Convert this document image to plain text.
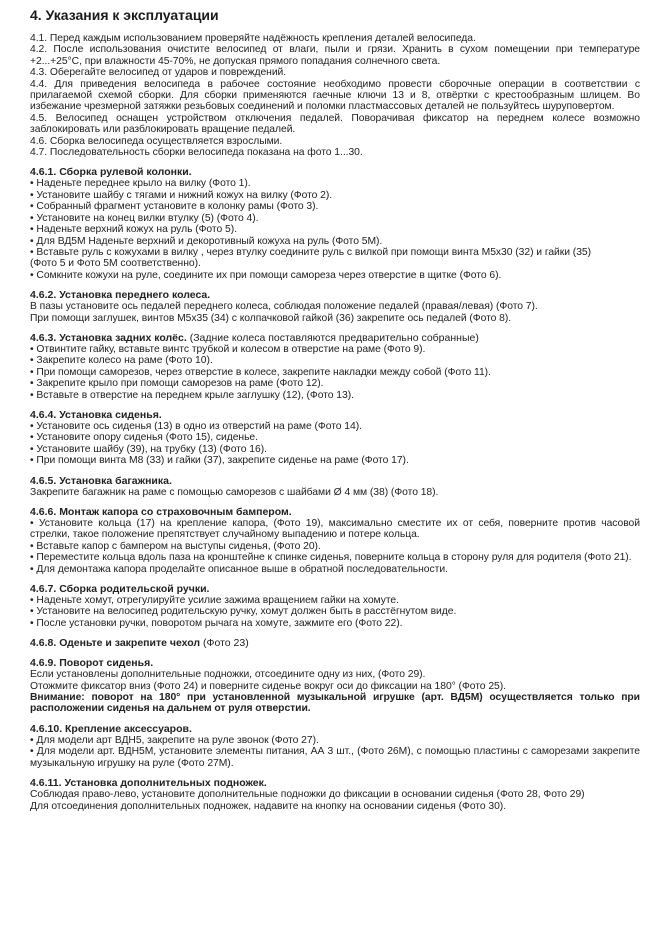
4. Указания к эксплуатации

4.1. Перед каждым использованием проверяйте надёжность крепления деталей велосипеда.

4.2. После использования очистите велосипед от влаги, пыли и грязи. Хранить в сухом помещении при температуре +2...+25°С, при влажности 45-70%, не допуская прямого попадания солнечного света.

4.3. Оберегайте велосипед от ударов и повреждений.

4.4. Для приведения велосипеда в рабочее состояние необходимо провести сборочные операции в соответствии с прилагаемой схемой сборки. Для сборки применяются гаечные ключи 13 и 8, отвёртки с крестообразным шлицем. Во избежание чрезмерной затяжки резьбовых соединений и поломки пластмассовых деталей не пользуйтесь шуруповертом.

4.5. Велосипед оснащен устройством отключения педалей. Поворачивая фиксатор на переднем колесе возможно заблокировать или разблокировать вращение педалей.

4.6. Сборка велосипеда осуществляется взрослыми.

4.7. Последовательность сборки велосипеда показана на фото 1...30.

4.6.1. Сборка рулевой колонки.

• Наденьте переднее крыло на вилку (Фото 1).

• Установите шайбу с тягами и нижний кожух на вилку (Фото 2).

• Собранный фрагмент установите в колонку рамы (Фото 3).

• Установите на конец вилки втулку (5) (Фото 4).

• Наденьте верхний кожух на руль (Фото 5).

• Для ВД5М Наденьте верхний и декоротивный кожуха на руль (Фото 5М).

• Вставьте руль с кожухами в вилку , через втулку соедините руль с вилкой при помощи винта М5х30 (32) и гайки (35)

(Фото 5 и Фото 5М соответственно).

• Сомкните кожухи на руле, соедините их при помощи самореза через отверстие в щитке (Фото 6).

4.6.2. Установка переднего колеса.

В пазы установите ось педалей переднего колеса, соблюдая положение педалей (правая/левая) (Фото 7).

При помощи заглушек, винтов М5х35 (34) с колпачковой гайкой (36) закрепите ось педалей (Фото 8).

4.6.3. Установка задних колёс. (Задние колеса поставляются предварительно собранные)

• Отвинтите гайку, вставьте винтс трубкой и колесом в отверстие на раме (Фото 9).

• Закрепите колесо на раме (Фото 10).

• При помощи саморезов, через отверстие в колесе, закрепите накладки между собой (Фото 11).

• Закрепите крыло при помощи саморезов на раме (Фото 12).

• Вставьте в отверстие на переднем крыле заглушку (12), (Фото 13).

4.6.4. Установка сиденья.

• Установите ось сиденья (13) в одно из отверстий на раме (Фото 14).

• Установите опору сиденья (Фото 15), сиденье.

• Установите шайбу (39), на трубку (13) (Фото 16).

• При помощи винта М8 (33) и гайки (37), закрепите сиденье на раме (Фото 17).

4.6.5. Установка багажника.

Закрепите багажник на раме с помощью саморезов с шайбами Ø 4 мм (38) (Фото 18).

4.6.6. Монтаж капора со страховочным бампером.

• Установите кольца (17) на крепление капора, (Фото 19), максимально сместите их от себя, поверните против часовой стрелки, такое положение препятствует случайному выпадению и потере кольца.

• Вставьте капор с бампером на выступы сиденья, (Фото 20).

• Переместите кольца вдоль паза на кронштейне к спинке сиденья, поверните кольца в сторону руля для родителя (Фото 21).

• Для демонтажа капора проделайте описанное выше в обратной последовательности.

4.6.7. Сборка родительской ручки.

• Наденьте хомут, отрегулируйте усилие зажима вращением гайки на хомуте.

• Установите на велосипед родительскую ручку, хомут должен быть в расстёгнутом виде.

• После установки ручки, поворотом рычага на хомуте, зажмите его (Фото 22).

4.6.8. Оденьте и закрепите чехол (Фото 23)

4.6.9. Поворот сиденья.

Если установлены дополнительные подножки, отсоедините одну из них, (Фото 29).

Отожмите фиксатор вниз (Фото 24) и поверните сиденье вокруг оси до фиксации на 180° (Фото 25).

Внимание: поворот на 180° при установленной музыкальной игрушке (арт. ВД5М) осуществляется только при расположении сиденья на дальнем от руля отверстии.

4.6.10. Крепление аксессуаров.

• Для модели арт ВДН5, закрепите на руле звонок (Фото 27).

• Для модели арт. ВДН5М, установите элементы питания, АА 3 шт., (Фото 26М), с помощью пластины с саморезами закрепите музыкальную игрушку на руле (Фото 27М).

4.6.11. Установка дополнительных подножек.

Соблюдая право-лево, установите дополнительные подножки до фиксации в основании сиденья (Фото 28, Фото 29)

Для отсоединения дополнительных подножек, надавите на кнопку на основании сиденья (Фото 30).
